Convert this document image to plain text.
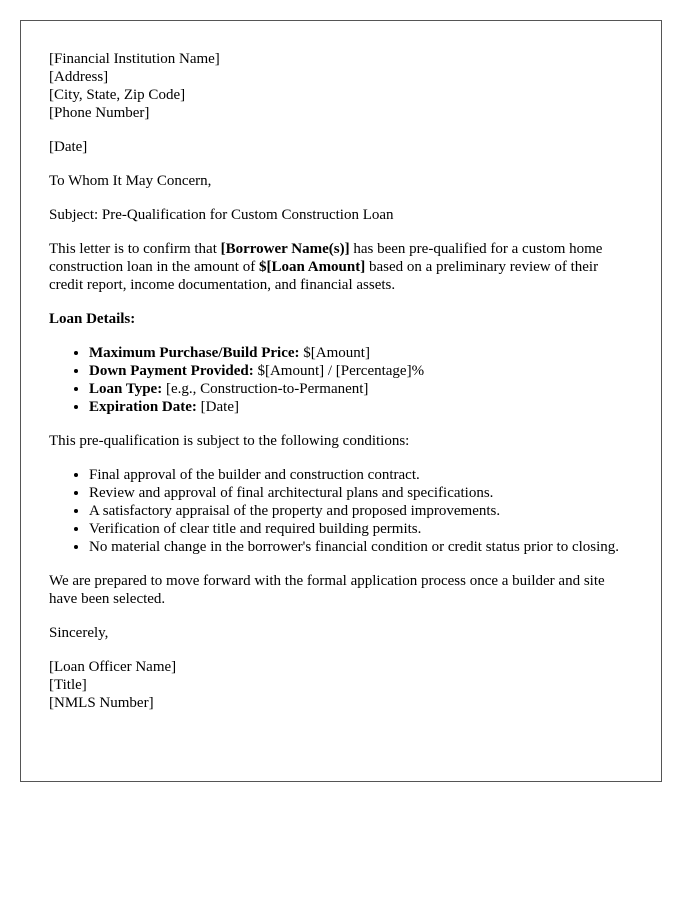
[Financial Institution Name]

[Address]

[City, State, Zip Code]

[Phone Number]

[Date]

To Whom It May Concern,

Subject: Pre-Qualification for Custom Construction Loan

This letter is to confirm that [Borrower Name(s)] has been pre-qualified for a custom home construction loan in the amount of $[Loan Amount] based on a preliminary review of their credit report, income documentation, and financial assets.

Loan Details:

• Maximum Purchase/Build Price: $[Amount]
• Down Payment Provided: $[Amount] / [Percentage]%
• Loan Type: [e.g., Construction-to-Permanent]
• Expiration Date: [Date]

This pre-qualification is subject to the following conditions:

• Final approval of the builder and construction contract.
• Review and approval of final architectural plans and specifications.
• A satisfactory appraisal of the property and proposed improvements.
• Verification of clear title and required building permits.
• No material change in the borrower's financial condition or credit status prior to closing.

We are prepared to move forward with the formal application process once a builder and site have been selected.

Sincerely,

[Loan Officer Name]

[Title]

[NMLS Number]
